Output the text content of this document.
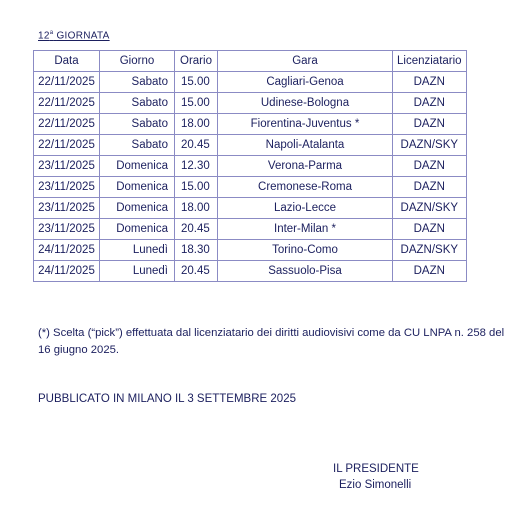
12$^a$ GIORNATA
Data	Giorno	Orario	Gara	Licenziatario
22/11/2025	Sabato	15.00	Cagliari-Genoa	DAZN
22/11/2025	Sabato	15.00	Udinese-Bologna	DAZN
22/11/2025	Sabato	18.00	Fiorentina-Juventus *	DAZN
22/11/2025	Sabato	20.45	Napoli-Atalanta	DAZN/SKY
23/11/2025	Domenica	12.30	Verona-Parma	DAZN
23/11/2025	Domenica	15.00	Cremonese-Roma	DAZN
23/11/2025	Domenica	18.00	Lazio-Lecce	DAZN/SKY
23/11/2025	Domenica	20.45	Inter-Milan *	DAZN
24/11/2025	Lunedì	18.30	Torino-Como	DAZN/SKY
24/11/2025	Lunedì	20.45	Sassuolo-Pisa	DAZN
(*) Scelta (“pick”) effettuata dal licenziatario dei diritti audiovisivi come da CU LNPA n. 258 del 16 giugno 2025.
PUBBLICATO IN MILANO IL 3 SETTEMBRE 2025
IL PRESIDENTE
Ezio Simonelli
